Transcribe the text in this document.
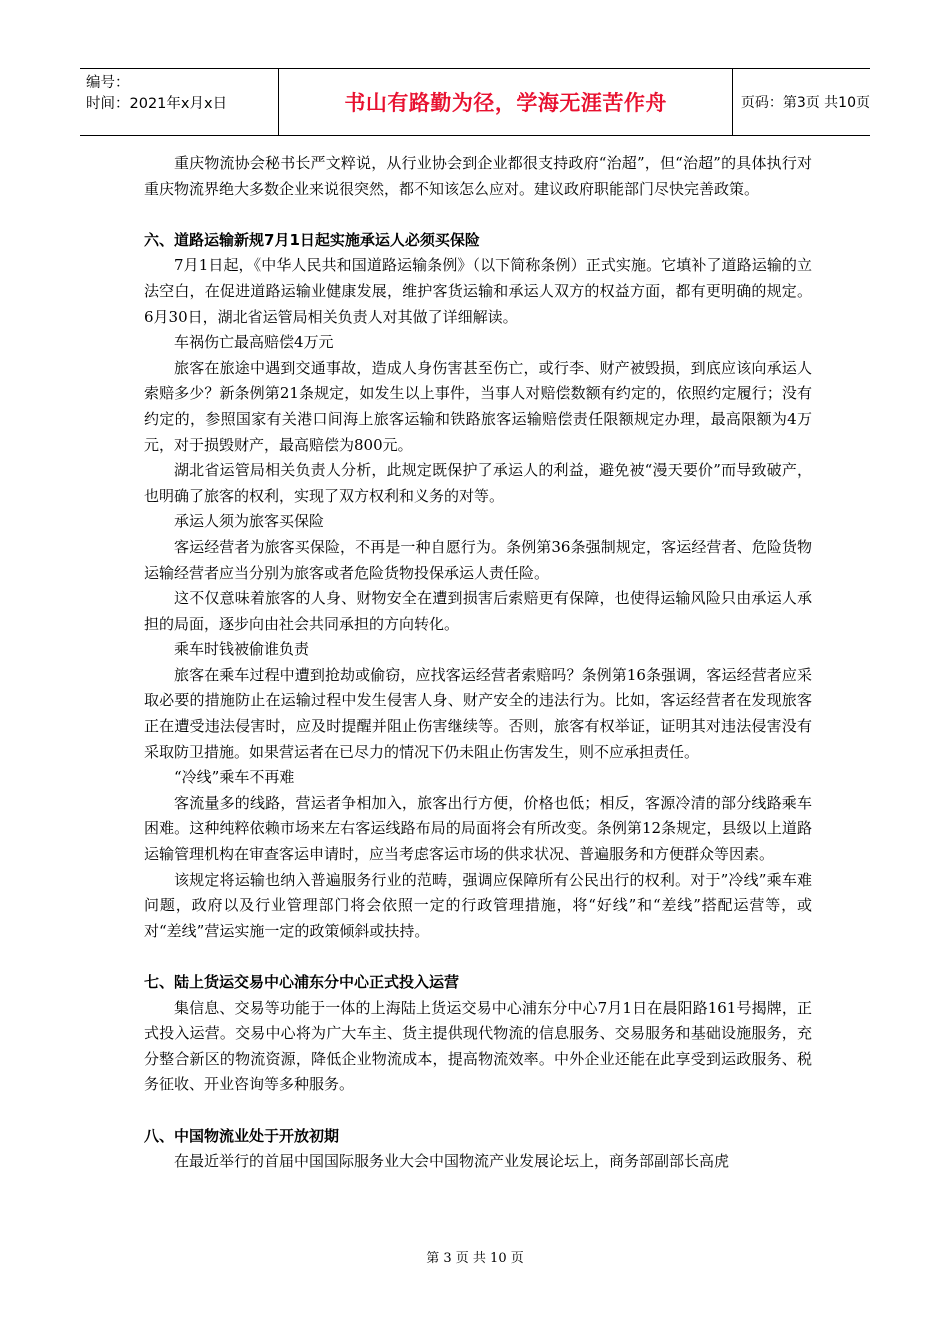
编号：
时间：2021年x月x日	书山有路勤为径，学海无涯苦作舟	页码：第3页 共10页

重庆物流协会秘书长严文粹说，从行业协会到企业都很支持政府“治超”，但“治超”的具体执行对重庆物流界绝大多数企业来说很突然，都不知该怎么应对。建议政府职能部门尽快完善政策。

六、道路运输新规7月1日起实施承运人必须买保险

7月1日起，《中华人民共和国道路运输条例》（以下简称条例）正式实施。它填补了道路运输的立法空白，在促进道路运输业健康发展，维护客货运输和承运人双方的权益方面，都有更明确的规定。6月30日，湖北省运管局相关负责人对其做了详细解读。

车祸伤亡最高赔偿4万元

旅客在旅途中遇到交通事故，造成人身伤害甚至伤亡，或行李、财产被毁损，到底应该向承运人索赔多少？新条例第21条规定，如发生以上事件，当事人对赔偿数额有约定的，依照约定履行；没有约定的，参照国家有关港口间海上旅客运输和铁路旅客运输赔偿责任限额规定办理，最高限额为4万元，对于损毁财产，最高赔偿为800元。

湖北省运管局相关负责人分析，此规定既保护了承运人的利益，避免被“漫天要价”而导致破产，也明确了旅客的权利，实现了双方权利和义务的对等。

承运人须为旅客买保险

客运经营者为旅客买保险，不再是一种自愿行为。条例第36条强制规定，客运经营者、危险货物运输经营者应当分别为旅客或者危险货物投保承运人责任险。

这不仅意味着旅客的人身、财物安全在遭到损害后索赔更有保障，也使得运输风险只由承运人承担的局面，逐步向由社会共同承担的方向转化。

乘车时钱被偷谁负责

旅客在乘车过程中遭到抢劫或偷窃，应找客运经营者索赔吗？条例第16条强调，客运经营者应采取必要的措施防止在运输过程中发生侵害人身、财产安全的违法行为。比如，客运经营者在发现旅客正在遭受违法侵害时，应及时提醒并阻止伤害继续等。否则，旅客有权举证，证明其对违法侵害没有采取防卫措施。如果营运者在已尽力的情况下仍未阻止伤害发生，则不应承担责任。

“冷线”乘车不再难

客流量多的线路，营运者争相加入，旅客出行方便，价格也低；相反，客源冷清的部分线路乘车困难。这种纯粹依赖市场来左右客运线路布局的局面将会有所改变。条例第12条规定，县级以上道路运输管理机构在审查客运申请时，应当考虑客运市场的供求状况、普遍服务和方便群众等因素。

该规定将运输也纳入普遍服务行业的范畴，强调应保障所有公民出行的权利。对于”冷线”乘车难问题，政府以及行业管理部门将会依照一定的行政管理措施，将“好线”和“差线”搭配运营等，或对“差线”营运实施一定的政策倾斜或扶持。

七、陆上货运交易中心浦东分中心正式投入运营

集信息、交易等功能于一体的上海陆上货运交易中心浦东分中心7月1日在晨阳路161号揭牌，正式投入运营。交易中心将为广大车主、货主提供现代物流的信息服务、交易服务和基础设施服务，充分整合新区的物流资源，降低企业物流成本，提高物流效率。中外企业还能在此享受到运政服务、税务征收、开业咨询等多种服务。

八、中国物流业处于开放初期

在最近举行的首届中国国际服务业大会中国物流产业发展论坛上，商务部副部长高虎

第 3 页 共 10 页
